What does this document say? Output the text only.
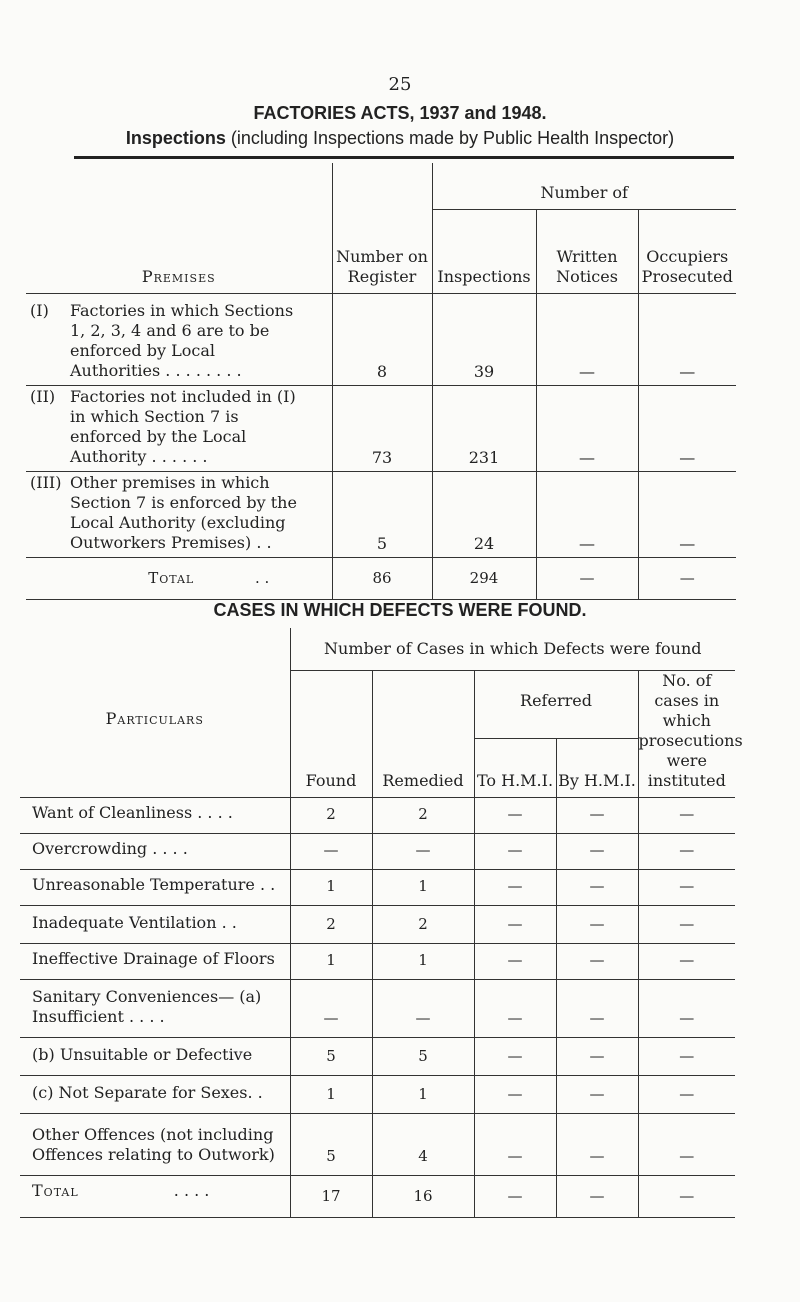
25
FACTORIES ACTS, 1937 and 1948.
Inspections (including Inspections made by Public Health Inspector)
Premises	Number on Register	Number of		
		Inspections	Written Notices	Occupiers Prosecuted
(I) Factories in which Sections 1, 2, 3, 4 and 6 are to be enforced by Local Authorities . . . . . . . .	8	39	—	—
(II) Factories not included in (I) in which Section 7 is enforced by the Local Authority . . . . . .	73	231	—	—
(III) Other premises in which Section 7 is enforced by the Local Authority (excluding Outworkers Premises) . .	5	24	—	—
Total . .	86	294	—	—
CASES IN WHICH DEFECTS WERE FOUND.
Particulars	Number of Cases in which Defects were found				
	Found	Remedied	Referred		No. of cases in which prosecutions were instituted
			To H.M.I.	By H.M.I.	
Want of Cleanliness . . . .	2	2	—	—	—
Overcrowding . . . .	—	—	—	—	—
Unreasonable Temperature . .	1	1	—	—	—
Inadequate Ventilation . .	2	2	—	—	—
Ineffective Drainage of Floors	1	1	—	—	—
Sanitary Conveniences— (a) Insufficient . . . .	—	—	—	—	—
(b) Unsuitable or Defective	5	5	—	—	—
(c) Not Separate for Sexes. .	1	1	—	—	—
Other Offences (not including Offences relating to Outwork)	5	4	—	—	—
Total . . . .	17	16	—	—	—
